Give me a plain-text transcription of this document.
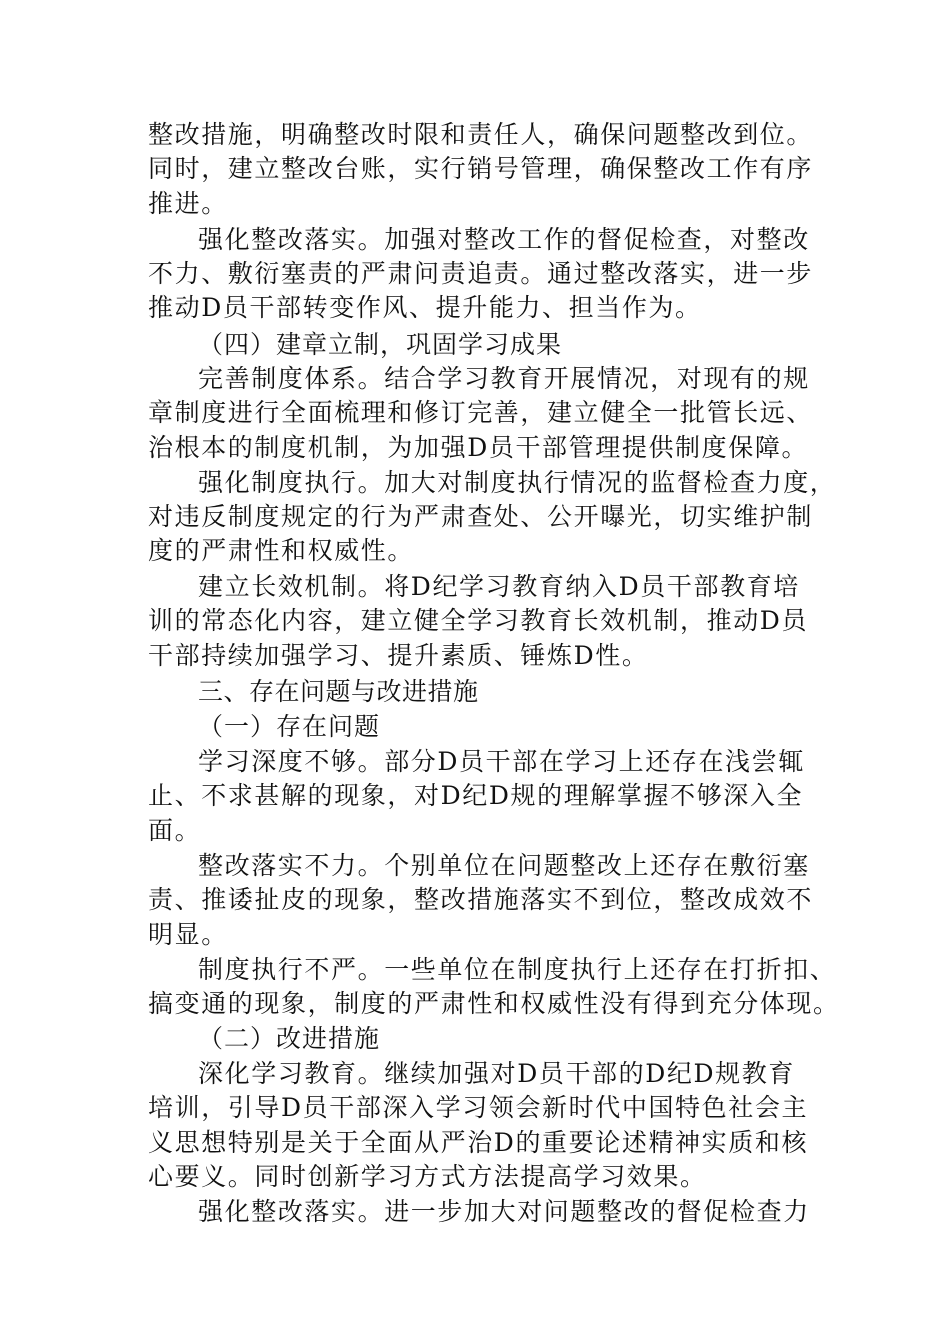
整改措施，明确整改时限和责任人，确保问题整改到位。
同时，建立整改台账，实行销号管理，确保整改工作有序
推进。
强化整改落实。加强对整改工作的督促检查，对整改
不力、敷衍塞责的严肃问责追责。通过整改落实，进一步
推动D员干部转变作风、提升能力、担当作为。
（四）建章立制，巩固学习成果
完善制度体系。结合学习教育开展情况，对现有的规
章制度进行全面梳理和修订完善，建立健全一批管长远、
治根本的制度机制，为加强D员干部管理提供制度保障。
强化制度执行。加大对制度执行情况的监督检查力度，
对违反制度规定的行为严肃查处、公开曝光，切实维护制
度的严肃性和权威性。
建立长效机制。将D纪学习教育纳入D员干部教育培
训的常态化内容，建立健全学习教育长效机制，推动D员
干部持续加强学习、提升素质、锤炼D性。
三、存在问题与改进措施
（一）存在问题
学习深度不够。部分D员干部在学习上还存在浅尝辄
止、不求甚解的现象，对D纪D规的理解掌握不够深入全
面。
整改落实不力。个别单位在问题整改上还存在敷衍塞
责、推诿扯皮的现象，整改措施落实不到位，整改成效不
明显。
制度执行不严。一些单位在制度执行上还存在打折扣、
搞变通的现象，制度的严肃性和权威性没有得到充分体现。
（二）改进措施
深化学习教育。继续加强对D员干部的D纪D规教育
培训，引导D员干部深入学习领会新时代中国特色社会主
义思想特别是关于全面从严治D的重要论述精神实质和核
心要义。同时创新学习方式方法提高学习效果。
强化整改落实。进一步加大对问题整改的督促检查力
